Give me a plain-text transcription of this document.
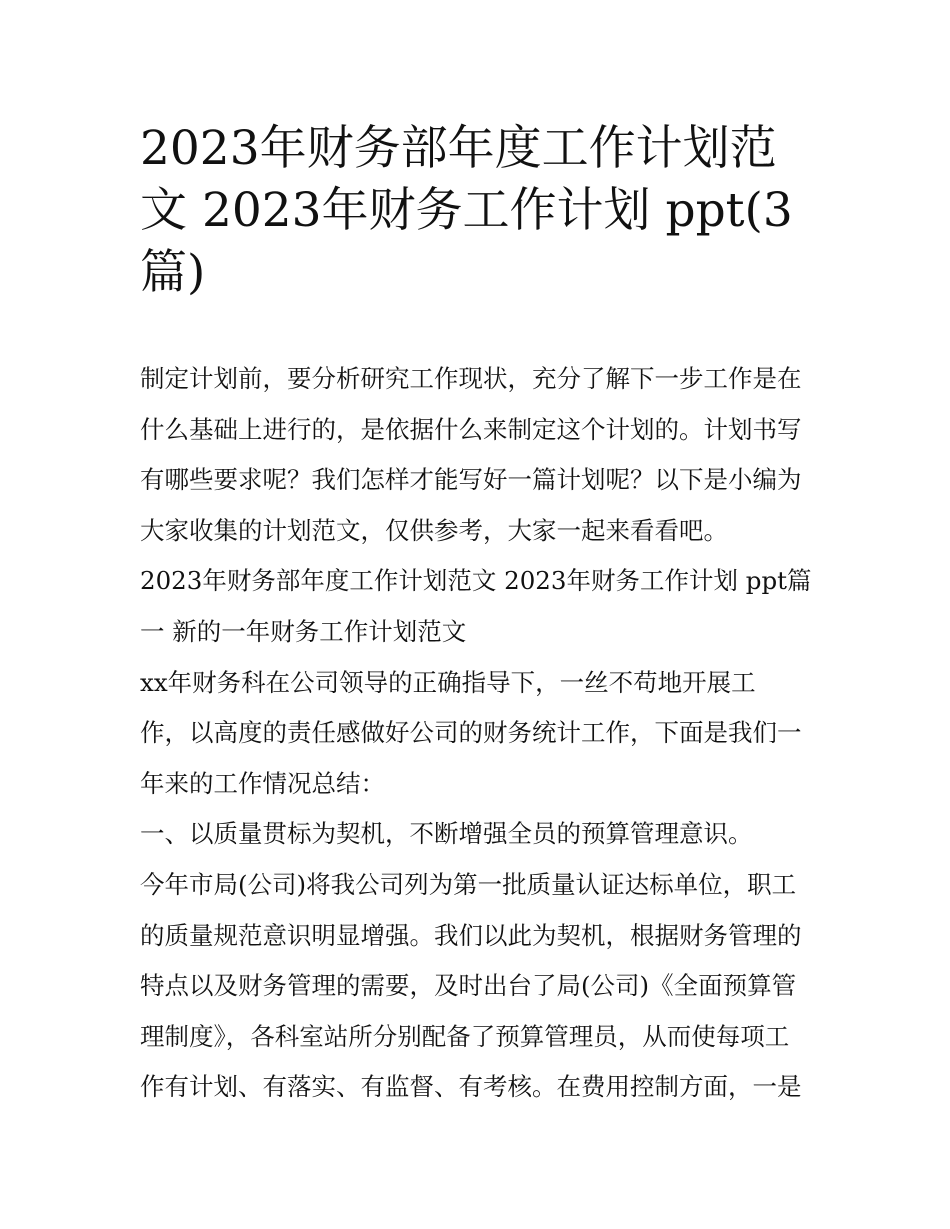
2023年财务部年度工作计划范
文 2023年财务工作计划 ppt(3
篇)
制定计划前，要分析研究工作现状，充分了解下一步工作是在
什么基础上进行的，是依据什么来制定这个计划的。计划书写
有哪些要求呢？我们怎样才能写好一篇计划呢？以下是小编为
大家收集的计划范文，仅供参考，大家一起来看看吧。
2023年财务部年度工作计划范文 2023年财务工作计划 ppt篇
一 新的一年财务工作计划范文
xx年财务科在公司领导的正确指导下，一丝不苟地开展工
作，以高度的责任感做好公司的财务统计工作，下面是我们一
年来的工作情况总结：
一、以质量贯标为契机，不断增强全员的预算管理意识。
今年市局(公司)将我公司列为第一批质量认证达标单位，职工
的质量规范意识明显增强。我们以此为契机，根据财务管理的
特点以及财务管理的需要，及时出台了局(公司)《全面预算管
理制度》，各科室站所分别配备了预算管理员，从而使每项工
作有计划、有落实、有监督、有考核。在费用控制方面，一是
